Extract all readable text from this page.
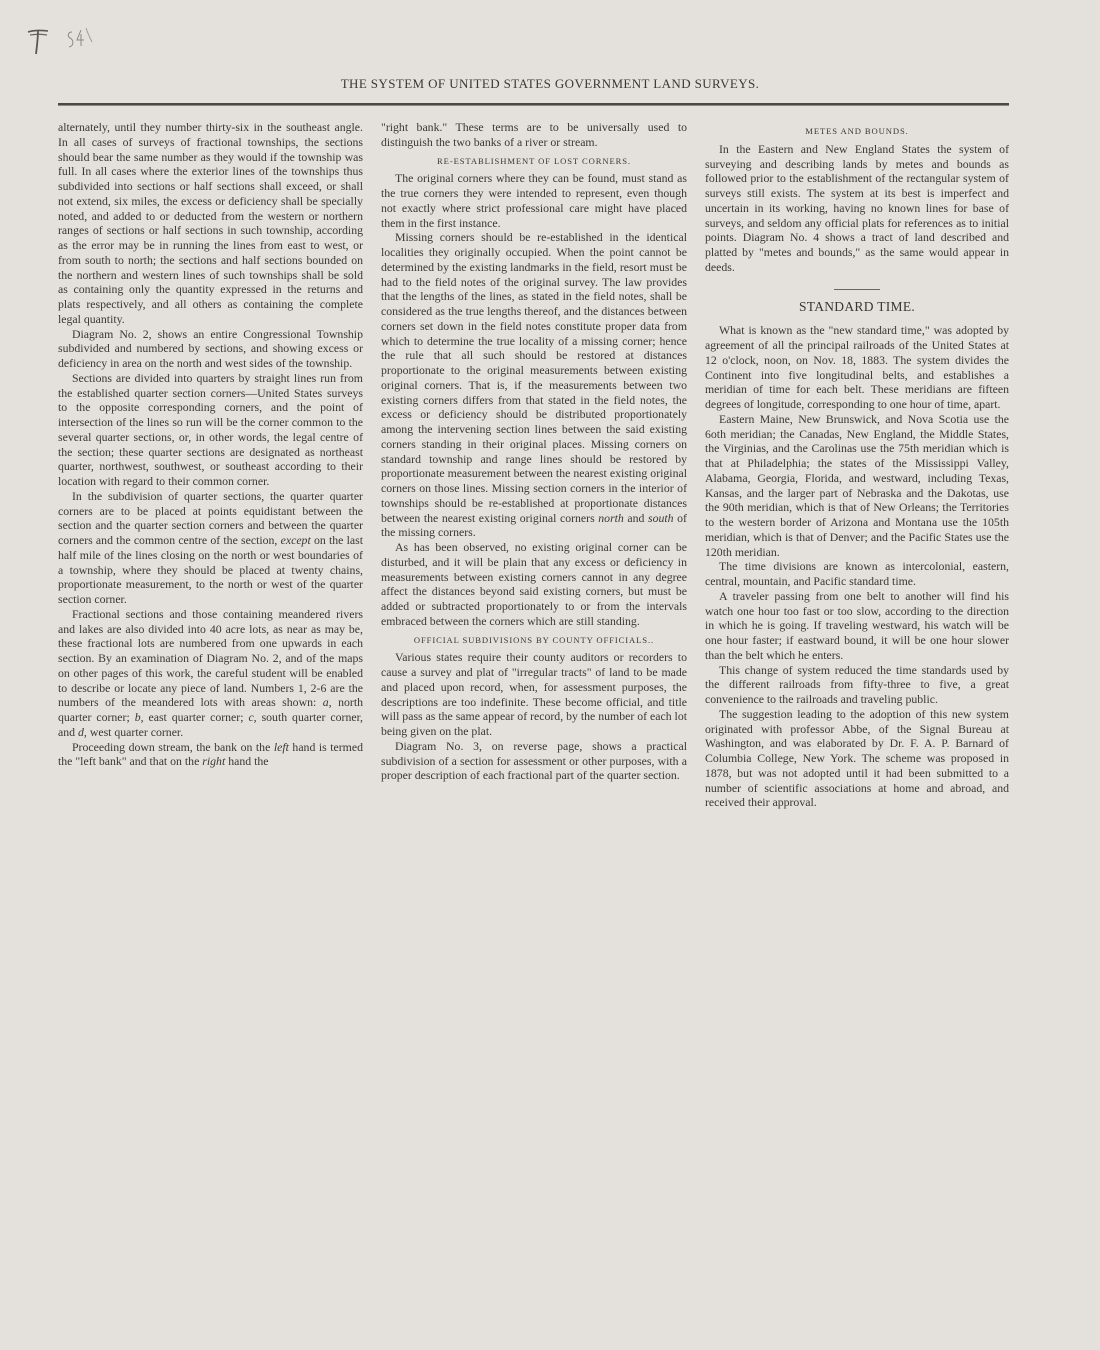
THE SYSTEM OF UNITED STATES GOVERNMENT LAND SURVEYS.

alternately, until they number thirty-six in the southeast angle. In all cases of surveys of fractional townships, the sections should bear the same number as they would if the township was full. In all cases where the exterior lines of the townships thus subdivided into sections or half sections shall exceed, or shall not extend, six miles, the excess or deficiency shall be specially noted, and added to or deducted from the western or northern ranges of sections or half sections in such township, according as the error may be in running the lines from east to west, or from south to north; the sections and half sections bounded on the northern and western lines of such townships shall be sold as containing only the quantity expressed in the returns and plats respectively, and all others as containing the complete legal quantity.

Diagram No. 2, shows an entire Congressional Township subdivided and numbered by sections, and showing excess or deficiency in area on the north and west sides of the township.

Sections are divided into quarters by straight lines run from the established quarter section corners—United States surveys to the opposite corresponding corners, and the point of intersection of the lines so run will be the corner common to the several quarter sections, or, in other words, the legal centre of the section; these quarter sections are designated as northeast quarter, northwest, southwest, or southeast according to their location with regard to their common corner.

In the subdivision of quarter sections, the quarter quarter corners are to be placed at points equidistant between the section and the quarter section corners and between the quarter corners and the common centre of the section, except on the last half mile of the lines closing on the north or west boundaries of a township, where they should be placed at twenty chains, proportionate measurement, to the north or west of the quarter section corner.

Fractional sections and those containing meandered rivers and lakes are also divided into 40 acre lots, as near as may be, these fractional lots are numbered from one upwards in each section. By an examination of Diagram No. 2, and of the maps on other pages of this work, the careful student will be enabled to describe or locate any piece of land. Numbers 1, 2-6 are the numbers of the meandered lots with areas shown: a, north quarter corner; b, east quarter corner; c, south quarter corner, and d, west quarter corner.

Proceeding down stream, the bank on the left hand is termed the "left bank" and that on the right hand the

"right bank." These terms are to be universally used to distinguish the two banks of a river or stream.

RE-ESTABLISHMENT OF LOST CORNERS.

The original corners where they can be found, must stand as the true corners they were intended to represent, even though not exactly where strict professional care might have placed them in the first instance.

Missing corners should be re-established in the identical localities they originally occupied. When the point cannot be determined by the existing landmarks in the field, resort must be had to the field notes of the original survey. The law provides that the lengths of the lines, as stated in the field notes, shall be considered as the true lengths thereof, and the distances between corners set down in the field notes constitute proper data from which to determine the true locality of a missing corner; hence the rule that all such should be restored at distances proportionate to the original measurements between existing original corners. That is, if the measurements between two existing corners differs from that stated in the field notes, the excess or deficiency should be distributed proportionately among the intervening section lines between the said existing corners standing in their original places. Missing corners on standard township and range lines should be restored by proportionate measurement between the nearest existing original corners on those lines. Missing section corners in the interior of townships should be re-established at proportionate distances between the nearest existing original corners north and south of the missing corners.

As has been observed, no existing original corner can be disturbed, and it will be plain that any excess or deficiency in measurements between existing corners cannot in any degree affect the distances beyond said existing corners, but must be added or subtracted proportionately to or from the intervals embraced between the corners which are still standing.

OFFICIAL SUBDIVISIONS BY COUNTY OFFICIALS..

Various states require their county auditors or recorders to cause a survey and plat of "irregular tracts" of land to be made and placed upon record, when, for assessment purposes, the descriptions are too indefinite. These become official, and title will pass as the same appear of record, by the number of each lot being given on the plat.

Diagram No. 3, on reverse page, shows a practical subdivision of a section for assessment or other purposes, with a proper description of each fractional part of the quarter section.

METES AND BOUNDS.

In the Eastern and New England States the system of surveying and describing lands by metes and bounds as followed prior to the establishment of the rectangular system of surveys still exists. The system at its best is imperfect and uncertain in its working, having no known lines for base of surveys, and seldom any official plats for references as to initial points. Diagram No. 4 shows a tract of land described and platted by "metes and bounds," as the same would appear in deeds.

STANDARD TIME.

What is known as the "new standard time," was adopted by agreement of all the principal railroads of the United States at 12 o'clock, noon, on Nov. 18, 1883. The system divides the Continent into five longitudinal belts, and establishes a meridian of time for each belt. These meridians are fifteen degrees of longitude, corresponding to one hour of time, apart.

Eastern Maine, New Brunswick, and Nova Scotia use the 6oth meridian; the Canadas, New England, the Middle States, the Virginias, and the Carolinas use the 75th meridian which is that at Philadelphia; the states of the Mississippi Valley, Alabama, Georgia, Florida, and westward, including Texas, Kansas, and the larger part of Nebraska and the Dakotas, use the 90th meridian, which is that of New Orleans; the Territories to the western border of Arizona and Montana use the 105th meridian, which is that of Denver; and the Pacific States use the 120th meridian.

The time divisions are known as intercolonial, eastern, central, mountain, and Pacific standard time.

A traveler passing from one belt to another will find his watch one hour too fast or too slow, according to the direction in which he is going. If traveling westward, his watch will be one hour faster; if eastward bound, it will be one hour slower than the belt which he enters.

This change of system reduced the time standards used by the different railroads from fifty-three to five, a great convenience to the railroads and traveling public.

The suggestion leading to the adoption of this new system originated with professor Abbe, of the Signal Bureau at Washington, and was elaborated by Dr. F. A. P. Barnard of Columbia College, New York. The scheme was proposed in 1878, but was not adopted until it had been submitted to a number of scientific associations at home and abroad, and received their approval.
